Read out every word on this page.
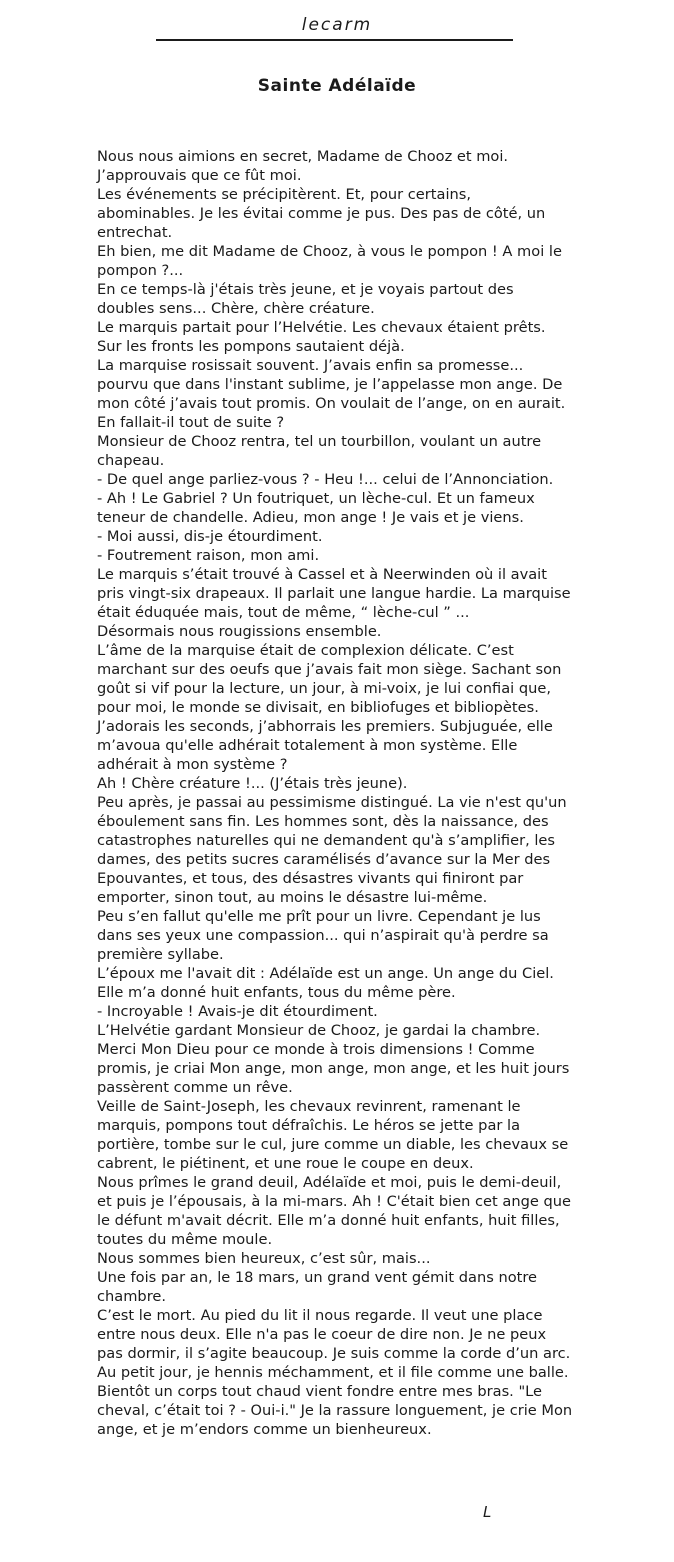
lecarm
Sainte Adélaïde

Nous nous aimions en secret, Madame de Chooz et moi.

J’approuvais que ce fût moi.

Les événements se précipitèrent. Et, pour certains, abominables. Je les évitai comme je pus. Des pas de côté, un entrechat.

Eh bien, me dit Madame de Chooz, à vous le pompon ! A moi le pompon ?...

En ce temps-là j'étais très jeune, et je voyais partout des doubles sens... Chère, chère créature.

Le marquis partait pour l’Helvétie. Les chevaux étaient prêts.

Sur les fronts les pompons sautaient déjà.

La marquise rosissait souvent. J’avais enfin sa promesse... pourvu que dans l'instant sublime, je l’appelasse mon ange. De mon côté j’avais tout promis. On voulait de l’ange, on en aurait. En fallait-il tout de suite ?

Monsieur de Chooz rentra, tel un tourbillon, voulant un autre chapeau.

- De quel ange parliez-vous ? - Heu !... celui de l’Annonciation.

- Ah ! Le Gabriel ? Un foutriquet, un lèche-cul. Et un fameux teneur de chandelle. Adieu, mon ange ! Je vais et je viens.

- Moi aussi, dis-je étourdiment.

- Foutrement raison, mon ami.

Le marquis s’était trouvé à Cassel et à Neerwinden où il avait pris vingt-six drapeaux. Il parlait une langue hardie. La marquise était éduquée mais, tout de même, “ lèche-cul ” ...

Désormais nous rougissions ensemble.

L’âme de la marquise était de complexion délicate. C’est marchant sur des oeufs que j’avais fait mon siège. Sachant son goût si vif pour la lecture, un jour, à mi-voix, je lui confiai que, pour moi, le monde se divisait, en bibliofuges et bibliopètes. J’adorais les seconds, j’abhorrais les premiers. Subjuguée, elle m’avoua qu'elle adhérait totalement à mon système. Elle adhérait à mon système ?

Ah ! Chère créature !... (J’étais très jeune).

Peu après, je passai au pessimisme distingué. La vie n'est qu'un éboulement sans fin. Les hommes sont, dès la naissance, des catastrophes naturelles qui ne demandent qu'à s’amplifier, les dames, des petits sucres caramélisés d’avance sur la Mer des Epouvantes, et tous, des désastres vivants qui finiront par emporter, sinon tout, au moins le désastre lui-même.

Peu s’en fallut qu'elle me prît pour un livre. Cependant je lus dans ses yeux une compassion... qui n’aspirait qu'à perdre sa première syllabe.

L’époux me l'avait dit : Adélaïde est un ange. Un ange du Ciel.

Elle m’a donné huit enfants, tous du même père.

- Incroyable ! Avais-je dit étourdiment.

L’Helvétie gardant Monsieur de Chooz, je gardai la chambre.

Merci Mon Dieu pour ce monde à trois dimensions ! Comme promis, je criai Mon ange, mon ange, mon ange, et les huit jours passèrent comme un rêve.

Veille de Saint-Joseph, les chevaux revinrent, ramenant le marquis, pompons tout défraîchis. Le héros se jette par la portière, tombe sur le cul, jure comme un diable, les chevaux se cabrent, le piétinent, et une roue le coupe en deux.

Nous prîmes le grand deuil, Adélaïde et moi, puis le demi-deuil, et puis je l’épousais, à la mi-mars. Ah ! C'était bien cet ange que le défunt m'avait décrit. Elle m’a donné huit enfants, huit filles, toutes du même moule.

Nous sommes bien heureux, c’est sûr, mais...

Une fois par an, le 18 mars, un grand vent gémit dans notre chambre.

C’est le mort. Au pied du lit il nous regarde. Il veut une place entre nous deux. Elle n'a pas le coeur de dire non. Je ne peux pas dormir, il s’agite beaucoup. Je suis comme la corde d’un arc. Au petit jour, je hennis méchamment, et il file comme une balle. Bientôt un corps tout chaud vient fondre entre mes bras. "Le cheval, c’était toi ? - Oui-i." Je la rassure longuement, je crie Mon ange, et je m’endors comme un bienheureux.

L
